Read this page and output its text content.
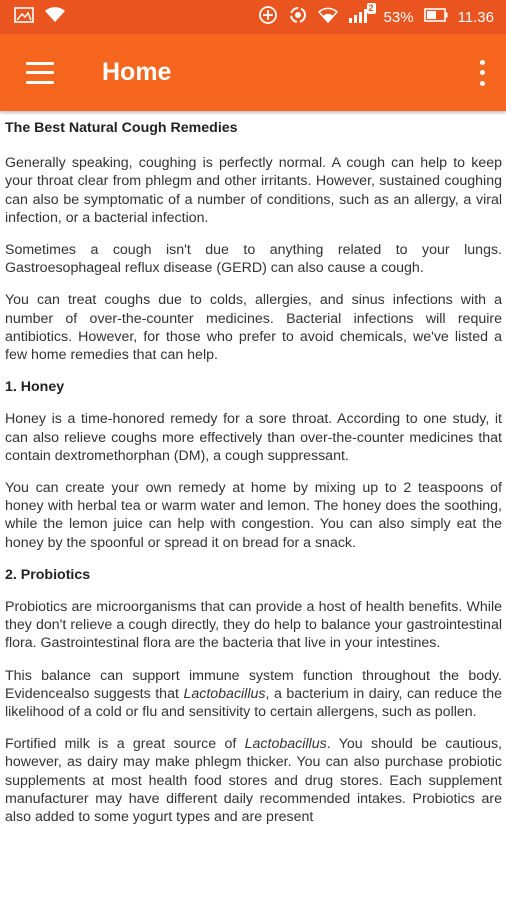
2
53%	11.36
Home
The Best Natural Cough Remedies

Generally speaking, coughing is perfectly normal. A cough can help to keep your throat clear from phlegm and other irritants. However, sustained coughing can also be symptomatic of a number of conditions, such as an allergy, a viral infection, or a bacterial infection.

Sometimes a cough isn't due to anything related to your lungs. Gastroesophageal reflux disease (GERD) can also cause a cough.

You can treat coughs due to colds, allergies, and sinus infections with a number of over-the-counter medicines. Bacterial infections will require antibiotics. However, for those who prefer to avoid chemicals, we've listed a few home remedies that can help.

1. Honey

Honey is a time-honored remedy for a sore throat. According to one study, it can also relieve coughs more effectively than over-the-counter medicines that contain dextromethorphan (DM), a cough suppressant.

You can create your own remedy at home by mixing up to 2 teaspoons of honey with herbal tea or warm water and lemon. The honey does the soothing, while the lemon juice can help with congestion. You can also simply eat the honey by the spoonful or spread it on bread for a snack.

2. Probiotics

Probiotics are microorganisms that can provide a host of health benefits. While they don't relieve a cough directly, they do help to balance your gastrointestinal flora. Gastrointestinal flora are the bacteria that live in your intestines.

This balance can support immune system function throughout the body. Evidencealso suggests that Lactobacillus, a bacterium in dairy, can reduce the likelihood of a cold or flu and sensitivity to certain allergens, such as pollen.

Fortified milk is a great source of Lactobacillus. You should be cautious, however, as dairy may make phlegm thicker. You can also purchase probiotic supplements at most health food stores and drug stores. Each supplement manufacturer may have different daily recommended intakes. Probiotics are also added to some yogurt types and are present
